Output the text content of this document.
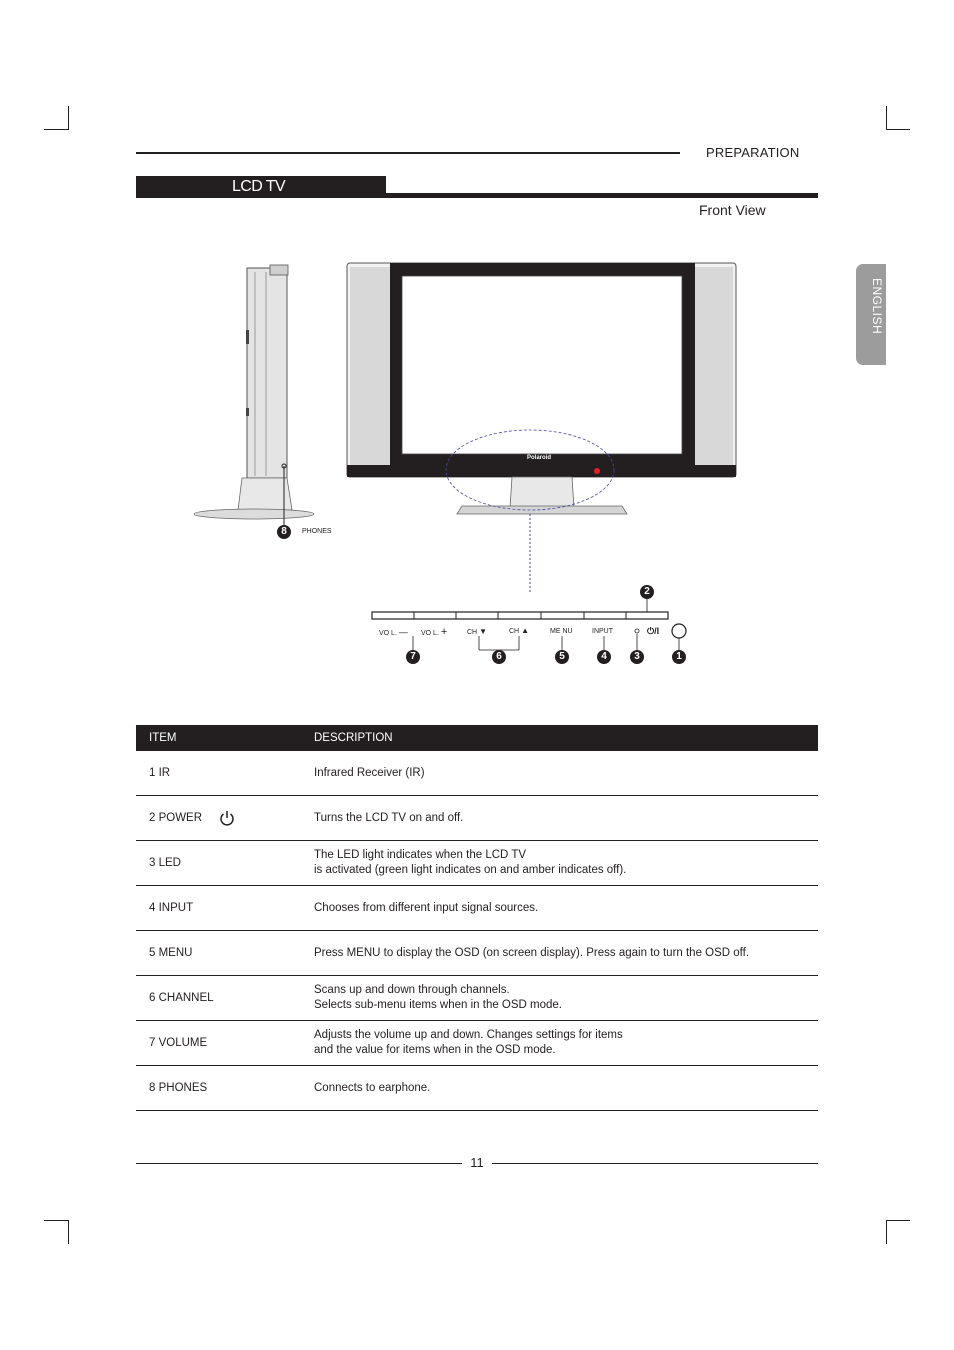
PREPARATION
LCD TV
Front View
ENGLISH
Polaroid
PHONES
VO L. — VO L. +	CH ▼	CH ▲	ME NU	INPUT	⏻/I
8
2
7	6	5	4	3	1
ITEM	DESCRIPTION
1 IR	Infrared Receiver (IR)
2 POWER	Turns the LCD TV on and off.
3 LED	The LED light indicates when the LCD TV
is activated (green light indicates on and amber indicates off).
4 INPUT	Chooses from different input signal sources.
5 MENU	Press MENU to display the OSD (on screen display). Press again to turn the OSD off.
6 CHANNEL	Scans up and down through channels.
Selects sub-menu items when in the OSD mode.
7 VOLUME	Adjusts the volume up and down. Changes settings for items
and the value for items when in the OSD mode.
8 PHONES	Connects to earphone.
11
